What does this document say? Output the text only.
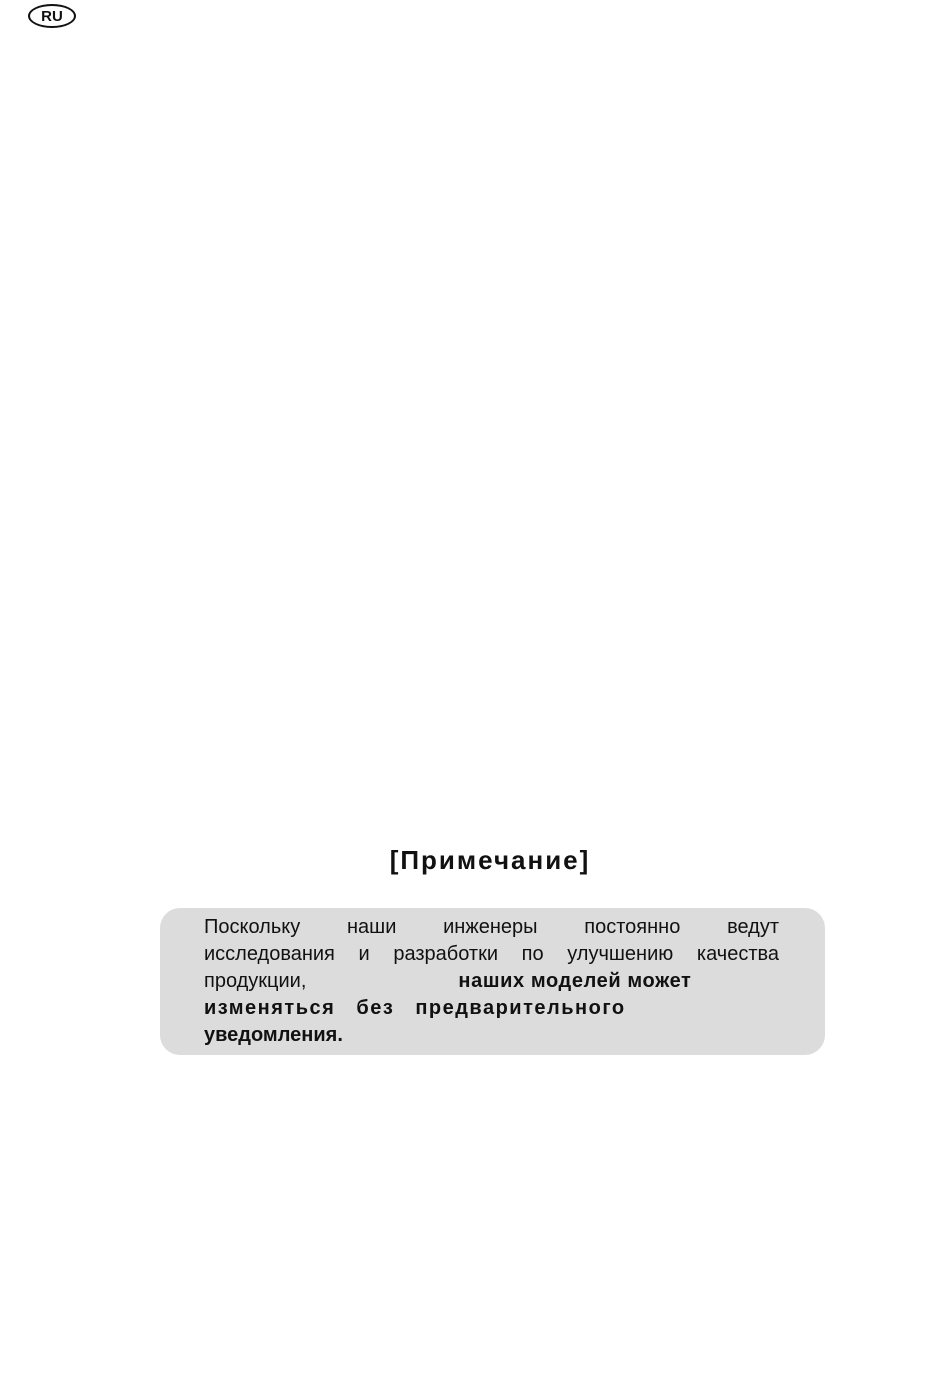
RU
[Примечание]
Поскольку наши инженеры постоянно ведут
исследования и разработки по улучшению качества
продукции,	наших моделей может
изменяться без предварительного
уведомления.
